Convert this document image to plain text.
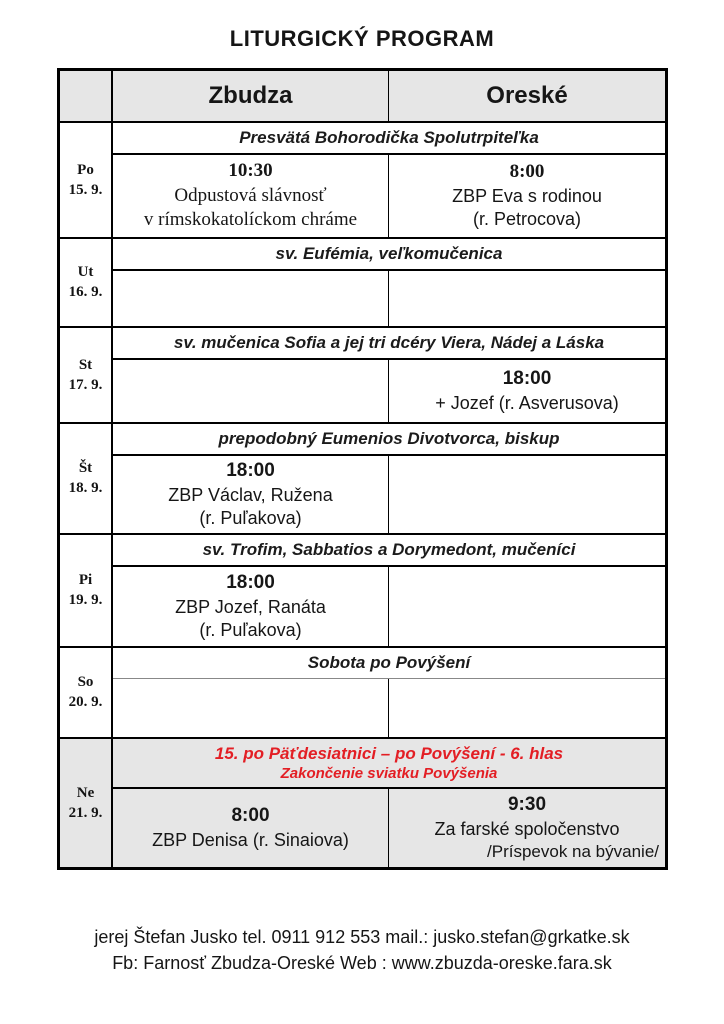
LITURGICKÝ PROGRAM
Zbudza	Oreské
Po
15. 9.
Presvätá Bohorodička Spolutrpiteľka
10:30
Odpustová slávnosť
v rímskokatolíckom chráme
8:00
ZBP Eva s rodinou
(r. Petrocova)
Ut
16. 9.
sv. Eufémia, veľkomučenica
St
17. 9.
sv. mučenica Sofia a jej tri dcéry Viera, Nádej a Láska
18:00
+ Jozef (r. Asverusova)
Št
18. 9.
prepodobný Eumenios Divotvorca, biskup
18:00
ZBP Václav, Ružena
(r. Puľakova)
Pi
19. 9.
sv. Trofim, Sabbatios a Dorymedont, mučeníci
18:00
ZBP Jozef, Ranáta
(r. Puľakova)
So
20. 9.
Sobota po Povýšení
Ne
21. 9.
15. po Päťdesiatnici – po Povýšení - 6. hlas
Zakončenie sviatku Povýšenia
8:00
ZBP Denisa (r. Sinaiova)
9:30
Za farské spoločenstvo
/Príspevok na bývanie/
jerej Štefan Jusko tel. 0911 912 553 mail.: jusko.stefan@grkatke.sk
Fb: Farnosť Zbudza-Oreské Web : www.zbuzda-oreske.fara.sk
